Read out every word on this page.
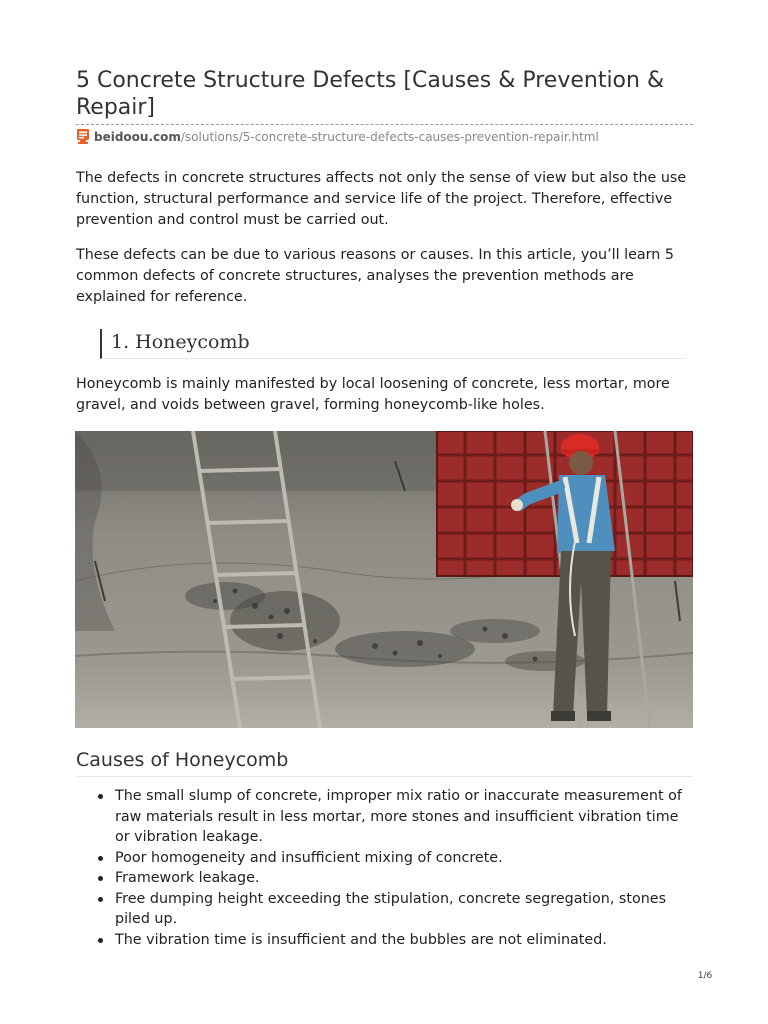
5 Concrete Structure Defects [Causes & Prevention & Repair]
beidoou.com/solutions/5-concrete-structure-defects-causes-prevention-repair.html

The defects in concrete structures affects not only the sense of view but also the use function, structural performance and service life of the project. Therefore, effective prevention and control must be carried out.

These defects can be due to various reasons or causes. In this article, you’ll learn 5 common defects of concrete structures, analyses the prevention methods are explained for reference.

1. Honeycomb

Honeycomb is mainly manifested by local loosening of concrete, less mortar, more gravel, and voids between gravel, forming honeycomb-like holes.

Causes of Honeycomb
The small slump of concrete, improper mix ratio or inaccurate measurement of raw materials result in less mortar, more stones and insufficient vibration time or vibration leakage.
Poor homogeneity and insufficient mixing of concrete.
Framework leakage.
Free dumping height exceeding the stipulation, concrete segregation, stones piled up.
The vibration time is insufficient and the bubbles are not eliminated.
1/6
